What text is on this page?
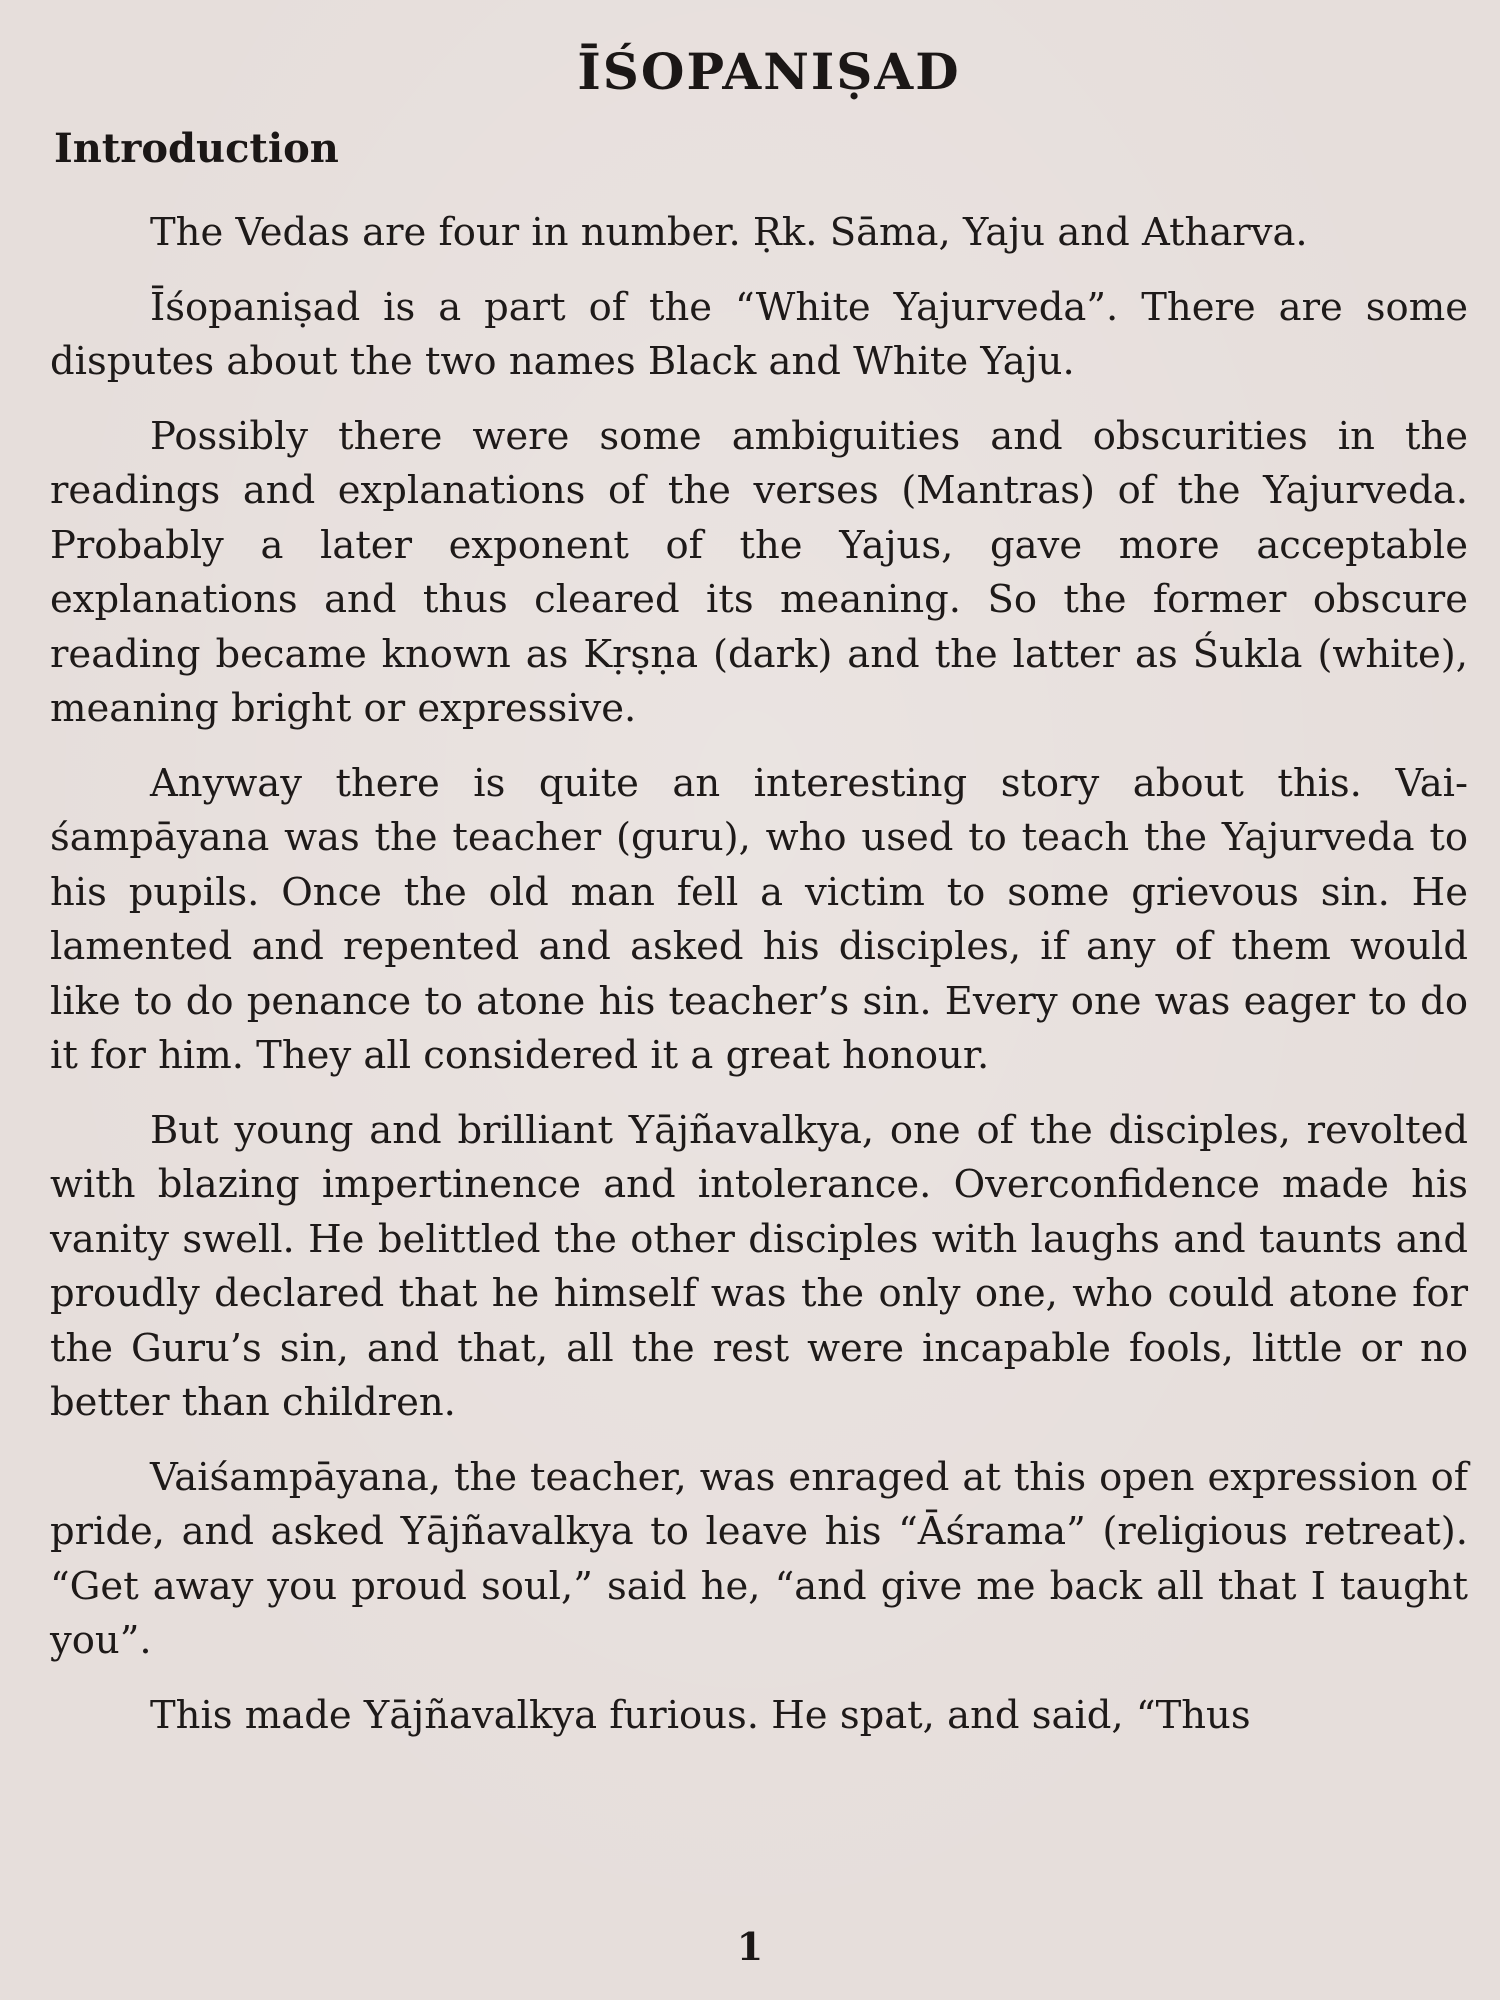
ĪŚOPANIṢAD
Introduction

The Vedas are four in number. Ṛk. Sāma, Yaju and Atharva.

Īśopaniṣad is a part of the “White Yajurveda”. There are some disputes about the two names Black and White Yaju.

Possibly there were some ambiguities and obscurities in the readings and explanations of the verses (Mantras) of the Yajurveda. Probably a later exponent of the Yajus, gave more acceptable explanations and thus cleared its meaning. So the former obscure reading became known as Kṛṣṇa (dark) and the latter as Śukla (white), meaning bright or expressive.

Anyway there is quite an interesting story about this. Vaiśampāyana was the teacher (guru), who used to teach the Yajurveda to his pupils. Once the old man fell a victim to some grievous sin. He lamented and repented and asked his disciples, if any of them would like to do penance to atone his teacher’s sin. Every one was eager to do it for him. They all considered it a great honour.

But young and brilliant Yājñavalkya, one of the disciples, revolted with blazing impertinence and intolerance. Overconfidence made his vanity swell. He belittled the other disciples with laughs and taunts and proudly declared that he himself was the only one, who could atone for the Guru’s sin, and that, all the rest were incapable fools, little or no better than children.

Vaiśampāyana, the teacher, was enraged at this open expression of pride, and asked Yājñavalkya to leave his “Āśrama” (religious retreat). “Get away you proud soul,” said he, “and give me back all that I taught you”.

This made Yājñavalkya furious. He spat, and said, “Thus

1
